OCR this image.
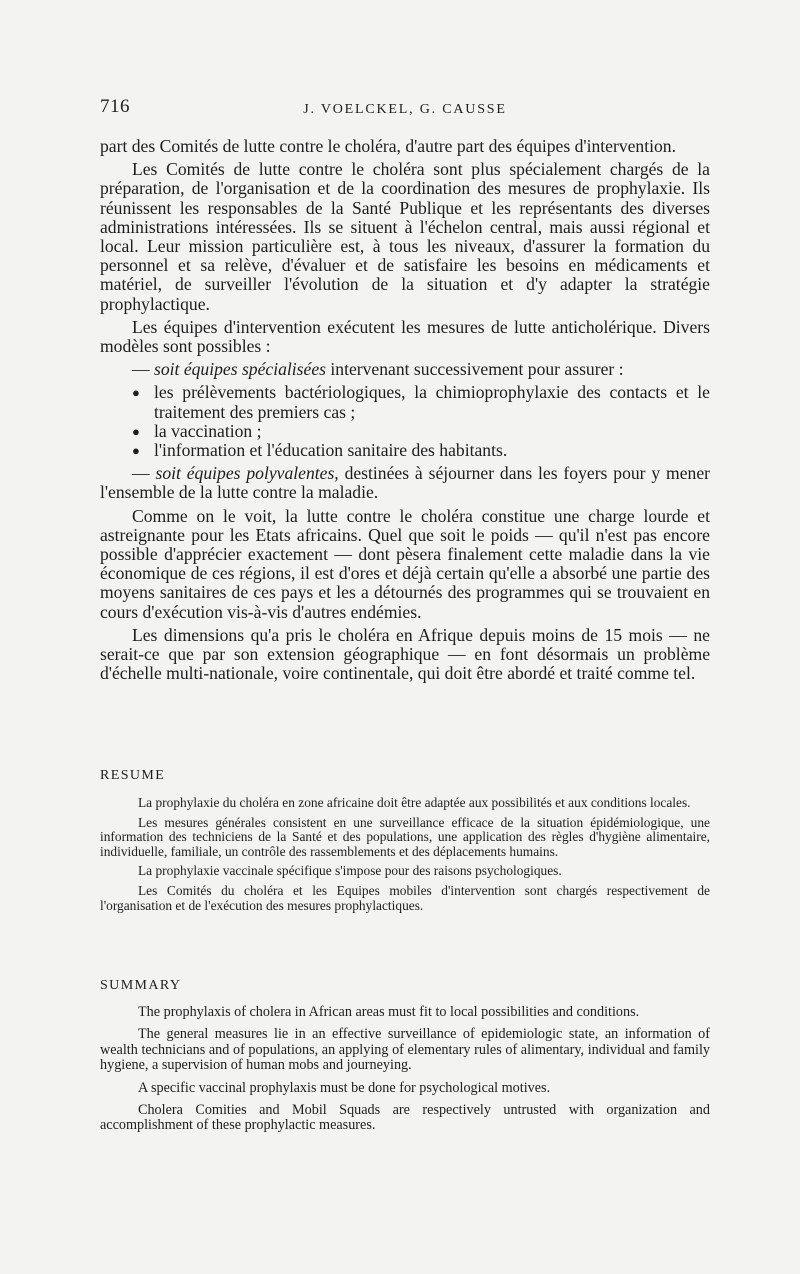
716	J. VOELCKEL, G. CAUSSE

part des Comités de lutte contre le choléra, d'autre part des équipes d'intervention.

Les Comités de lutte contre le choléra sont plus spécialement chargés de la préparation, de l'organisation et de la coordination des mesures de prophylaxie. Ils réunissent les responsables de la Santé Publique et les représentants des diverses administrations intéressées. Ils se situent à l'échelon central, mais aussi régional et local. Leur mission particulière est, à tous les niveaux, d'assurer la formation du personnel et sa relève, d'évaluer et de satisfaire les besoins en médicaments et matériel, de surveiller l'évolution de la situation et d'y adapter la stratégie prophylactique.

Les équipes d'intervention exécutent les mesures de lutte anticholérique. Divers modèles sont possibles :

— soit équipes spécialisées intervenant successivement pour assurer :

● les prélèvements bactériologiques, la chimioprophylaxie des contacts et le traitement des premiers cas ;
● la vaccination ;
● l'information et l'éducation sanitaire des habitants.

— soit équipes polyvalentes, destinées à séjourner dans les foyers pour y mener l'ensemble de la lutte contre la maladie.

Comme on le voit, la lutte contre le choléra constitue une charge lourde et astreignante pour les Etats africains. Quel que soit le poids — qu'il n'est pas encore possible d'apprécier exactement — dont pèsera finalement cette maladie dans la vie économique de ces régions, il est d'ores et déjà certain qu'elle a absorbé une partie des moyens sanitaires de ces pays et les a détournés des programmes qui se trouvaient en cours d'exécution vis-à-vis d'autres endémies.

Les dimensions qu'a pris le choléra en Afrique depuis moins de 15 mois — ne serait-ce que par son extension géographique — en font désormais un problème d'échelle multi-nationale, voire continentale, qui doit être abordé et traité comme tel.

RESUME

La prophylaxie du choléra en zone africaine doit être adaptée aux possibilités et aux conditions locales.

Les mesures générales consistent en une surveillance efficace de la situation épidémiologique, une information des techniciens de la Santé et des populations, une application des règles d'hygiène alimentaire, individuelle, familiale, un contrôle des rassemblements et des déplacements humains.

La prophylaxie vaccinale spécifique s'impose pour des raisons psychologiques.

Les Comités du choléra et les Equipes mobiles d'intervention sont chargés respectivement de l'organisation et de l'exécution des mesures prophylactiques.

SUMMARY

The prophylaxis of cholera in African areas must fit to local possibilities and conditions.

The general measures lie in an effective surveillance of epidemiologic state, an information of wealth technicians and of populations, an applying of elementary rules of alimentary, individual and family hygiene, a supervision of human mobs and journeying.

A specific vaccinal prophylaxis must be done for psychological motives.

Cholera Comities and Mobil Squads are respectively untrusted with organization and accomplishment of these prophylactic measures.
